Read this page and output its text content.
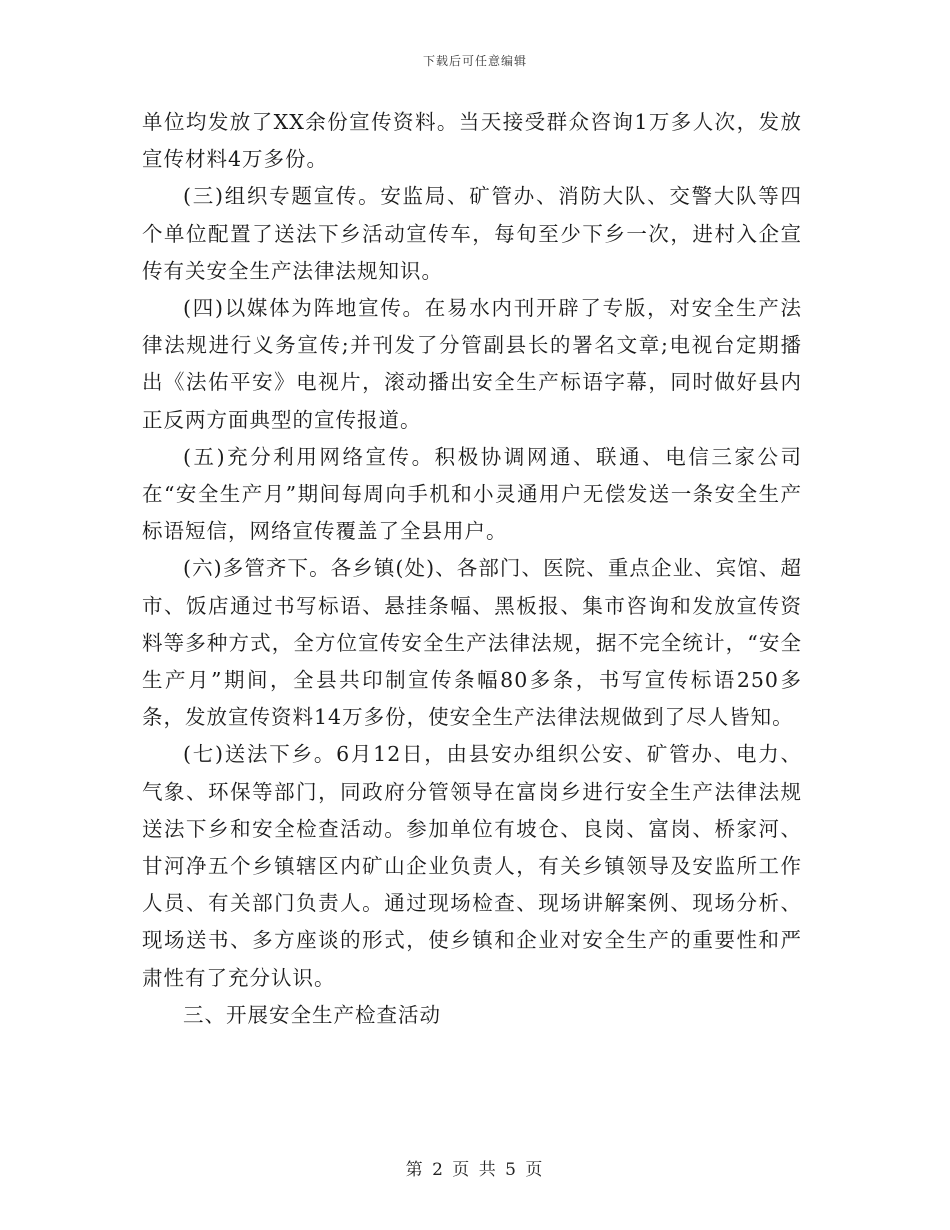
下载后可任意编辑

单位均发放了XX余份宣传资料。当天接受群众咨询1万多人次，发放宣传材料4万多份。

(三)组织专题宣传。安监局、矿管办、消防大队、交警大队等四个单位配置了送法下乡活动宣传车，每旬至少下乡一次，进村入企宣传有关安全生产法律法规知识。

(四)以媒体为阵地宣传。在易水内刊开辟了专版，对安全生产法律法规进行义务宣传;并刊发了分管副县长的署名文章;电视台定期播出《法佑平安》电视片，滚动播出安全生产标语字幕，同时做好县内正反两方面典型的宣传报道。

(五)充分利用网络宣传。积极协调网通、联通、电信三家公司在“安全生产月”期间每周向手机和小灵通用户无偿发送一条安全生产标语短信，网络宣传覆盖了全县用户。

(六)多管齐下。各乡镇(处)、各部门、医院、重点企业、宾馆、超市、饭店通过书写标语、悬挂条幅、黑板报、集市咨询和发放宣传资料等多种方式，全方位宣传安全生产法律法规，据不完全统计，“安全生产月”期间，全县共印制宣传条幅80多条，书写宣传标语250多条，发放宣传资料14万多份，使安全生产法律法规做到了尽人皆知。

(七)送法下乡。6月12日，由县安办组织公安、矿管办、电力、气象、环保等部门，同政府分管领导在富岗乡进行安全生产法律法规送法下乡和安全检查活动。参加单位有坡仓、良岗、富岗、桥家河、甘河净五个乡镇辖区内矿山企业负责人，有关乡镇领导及安监所工作人员、有关部门负责人。通过现场检查、现场讲解案例、现场分析、现场送书、多方座谈的形式，使乡镇和企业对安全生产的重要性和严肃性有了充分认识。

三、开展安全生产检查活动

第 2 页 共 5 页
